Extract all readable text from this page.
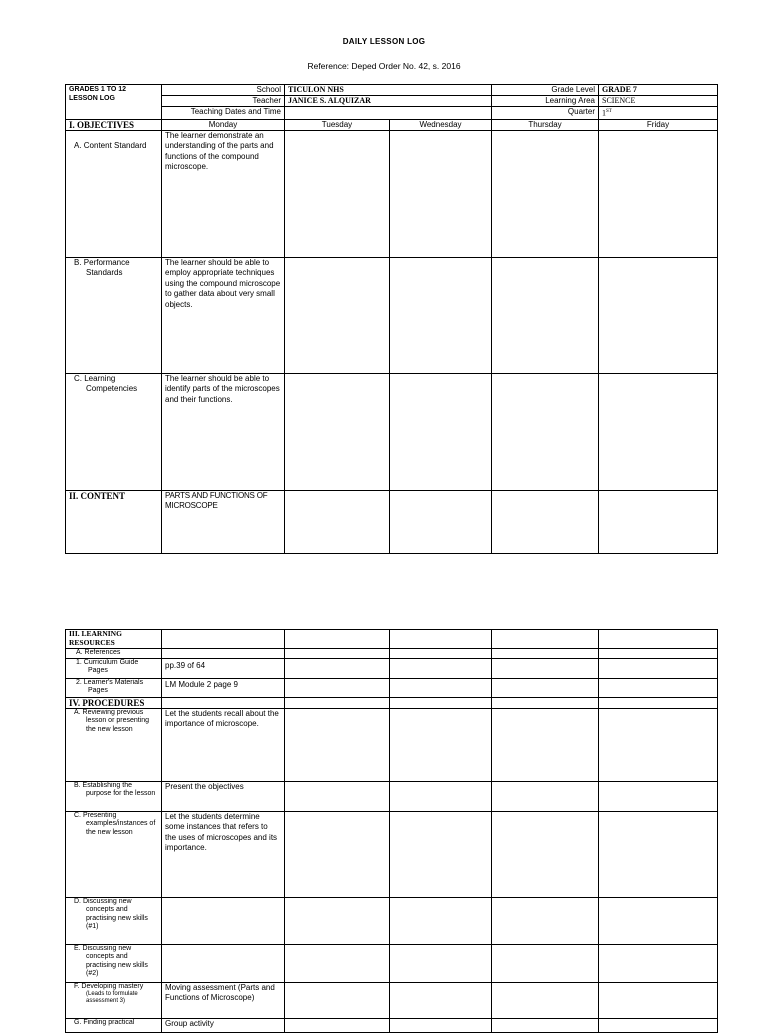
DAILY LESSON LOG
Reference: Deped Order No. 42, s. 2016
GRADES 1 TO 12
LESSON LOG	School	TICULON NHS		Grade Level	GRADE 7
	Teacher	JANICE S. ALQUIZAR		Learning Area	SCIENCE
	Teaching Dates and Time			Quarter	1ST
I. OBJECTIVES	Monday	Tuesday	Wednesday	Thursday	Friday

A. Content Standard	The learner demonstrate an understanding of the parts and functions of the compound microscope.				

B. Performance Standards	The learner should be able to employ appropriate techniques using the compound microscope to gather data about very small objects.				

C. Learning Competencies	The learner should be able to identify parts of the microscopes and their functions.				
II. CONTENT	PARTS AND FUNCTIONS OF MICROSCOPE				
III. LEARNING RESOURCES					
A. References					
1. Curriculum Guide Pages	pp.39 of 64				
2. Learner's Materials Pages	LM Module 2 page 9				
IV. PROCEDURES					
A. Reviewing previous lesson or presenting the new lesson	Let the students recall about the importance of microscope.				
B. Establishing the purpose for the lesson	Present the objectives				
C. Presenting examples/instances of the new lesson	Let the students determine some instances that refers to the uses of microscopes and its importance.				
D. Discussing new concepts and practising new skills (#1)					
E. Discussing new concepts and practising new skills (#2)					

F. Developing mastery
(Leads to formulate assessment 3)	Moving assessment (Parts and Functions of Microscope)				
G. Finding practical	Group activity				
